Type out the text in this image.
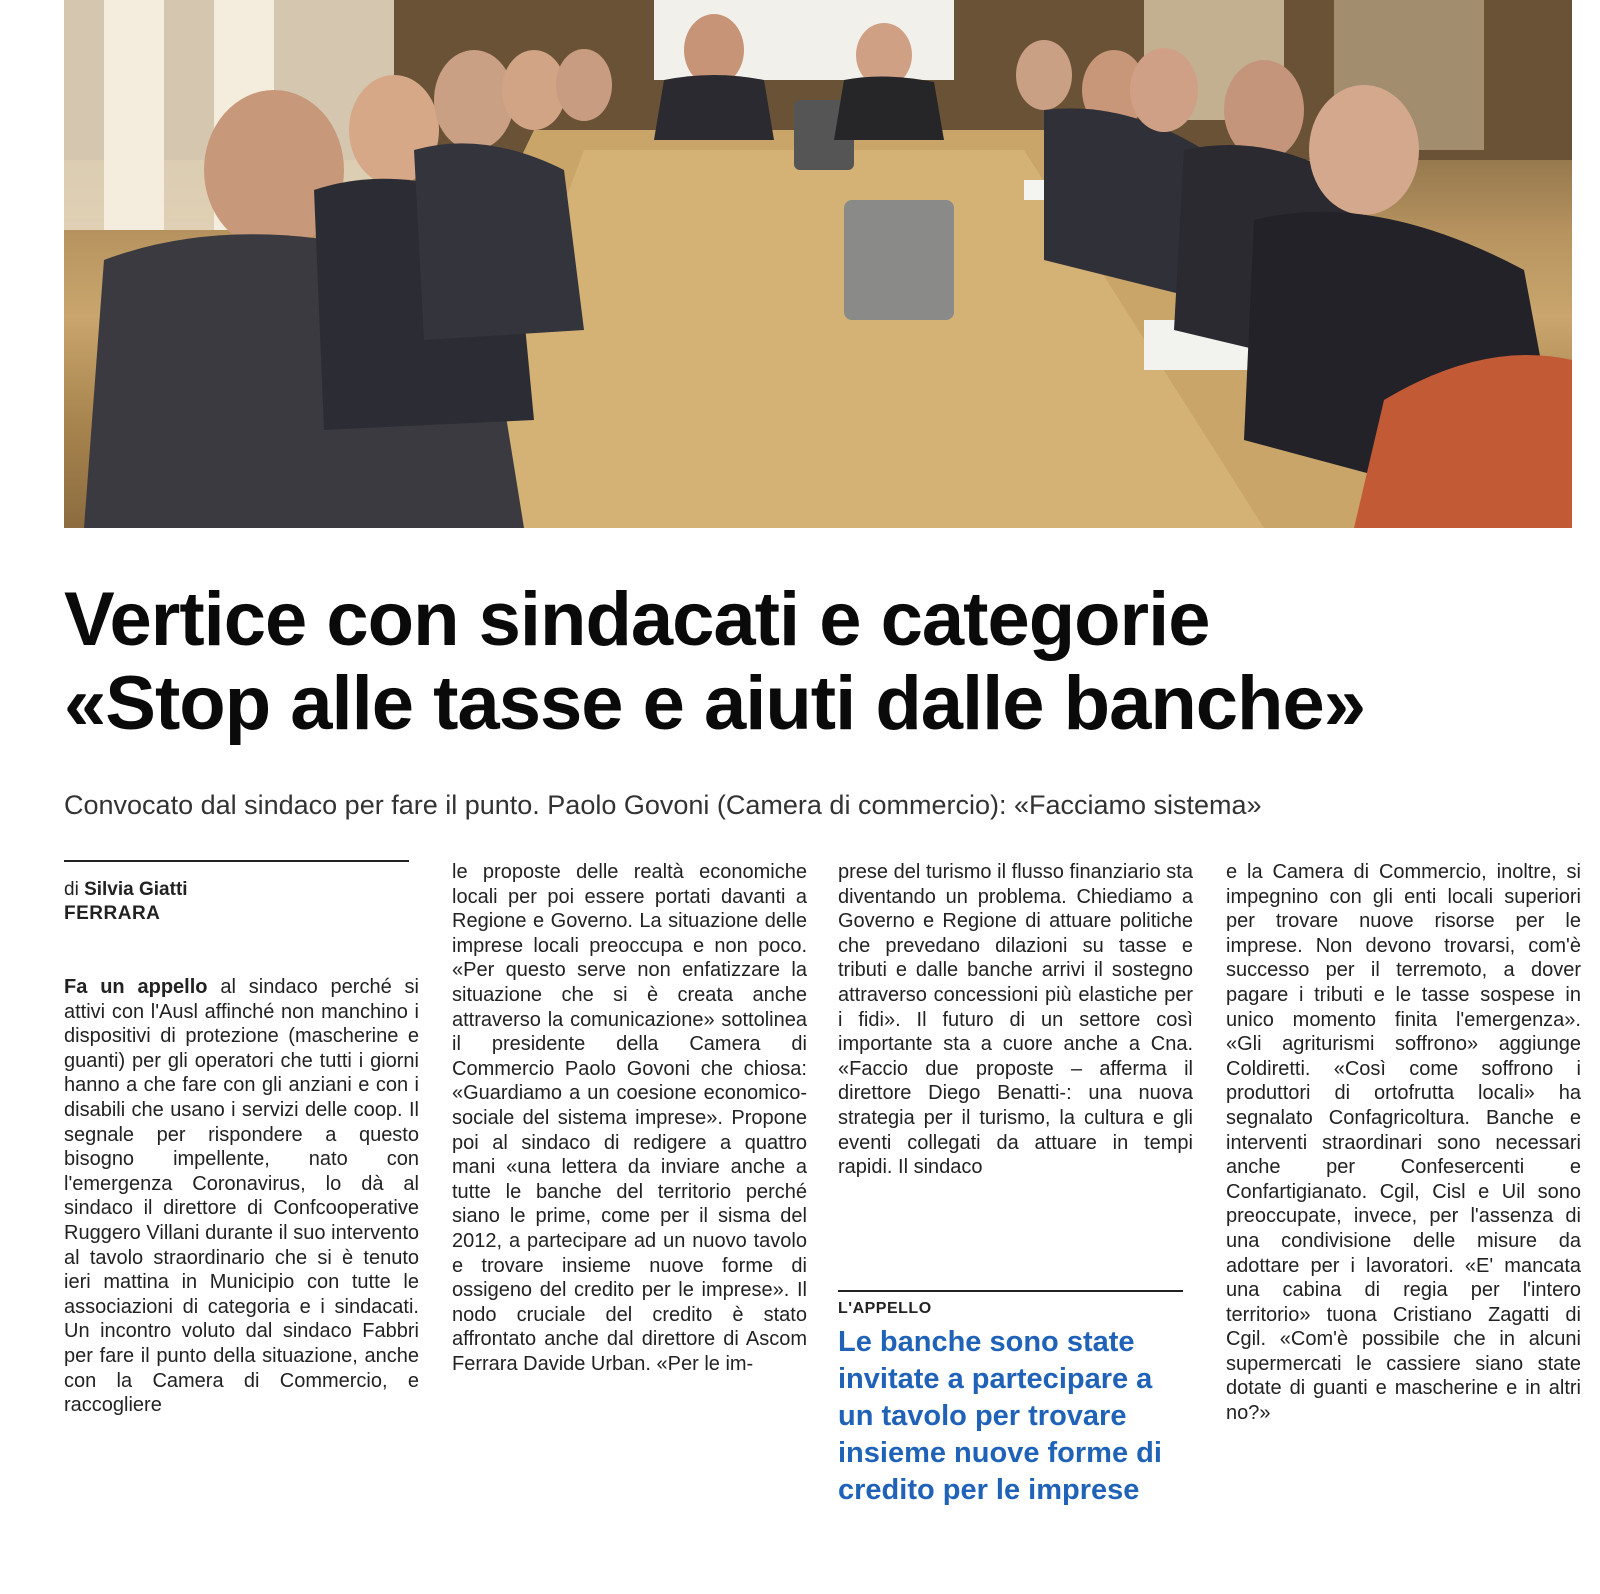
Vertice con sindacati e categorie
«Stop alle tasse e aiuti dalle banche»
Convocato dal sindaco per fare il punto. Paolo Govoni (Camera di commercio): «Facciamo sistema»
di Silvia Giatti
FERRARA

Fa un appello al sindaco perché si attivi con l'Ausl affinché non manchino i dispositivi di protezione (mascherine e guanti) per gli operatori che tutti i giorni hanno a che fare con gli anziani e con i disabili che usano i servizi delle coop. Il segnale per rispondere a questo bisogno impellente, nato con l'emergenza Coronavirus, lo dà al sindaco il direttore di Confcooperative Ruggero Villani durante il suo intervento al tavolo straordinario che si è tenuto ieri mattina in Municipio con tutte le associazioni di categoria e i sindacati. Un incontro voluto dal sindaco Fabbri per fare il punto della situazione, anche con la Camera di Commercio, e raccogliere

le proposte delle realtà economiche locali per poi essere portati davanti a Regione e Governo. La situazione delle imprese locali preoccupa e non poco. «Per questo serve non enfatizzare la situazione che si è creata anche attraverso la comunicazione» sottolinea il presidente della Camera di Commercio Paolo Govoni che chiosa: «Guardiamo a un coesione economico-sociale del sistema imprese». Propone poi al sindaco di redigere a quattro mani «una lettera da inviare anche a tutte le banche del territorio perché siano le prime, come per il sisma del 2012, a partecipare ad un nuovo tavolo e trovare insieme nuove forme di ossigeno del credito per le imprese». Il nodo cruciale del credito è stato affrontato anche dal direttore di Ascom Ferrara Davide Urban. «Per le im-

prese del turismo il flusso finanziario sta diventando un problema. Chiediamo a Governo e Regione di attuare politiche che prevedano dilazioni su tasse e tributi e dalle banche arrivi il sostegno attraverso concessioni più elastiche per i fidi». Il futuro di un settore così importante sta a cuore anche a Cna. «Faccio due proposte – afferma il direttore Diego Benatti-: una nuova strategia per il turismo, la cultura e gli eventi collegati da attuare in tempi rapidi. Il sindaco

L'APPELLO
Le banche sono state invitate a partecipare a un tavolo per trovare insieme nuove forme di credito per le imprese

e la Camera di Commercio, inoltre, si impegnino con gli enti locali superiori per trovare nuove risorse per le imprese. Non devono trovarsi, com'è successo per il terremoto, a dover pagare i tributi e le tasse sospese in unico momento finita l'emergenza». «Gli agriturismi soffrono» aggiunge Coldiretti. «Così come soffrono i produttori di ortofrutta locali» ha segnalato Confagricoltura. Banche e interventi straordinari sono necessari anche per Confesercenti e Confartigianato. Cgil, Cisl e Uil sono preoccupate, invece, per l'assenza di una condivisione delle misure da adottare per i lavoratori. «E' mancata una cabina di regia per l'intero territorio» tuona Cristiano Zagatti di Cgil. «Com'è possibile che in alcuni supermercati le cassiere siano state dotate di guanti e mascherine e in altri no?»
